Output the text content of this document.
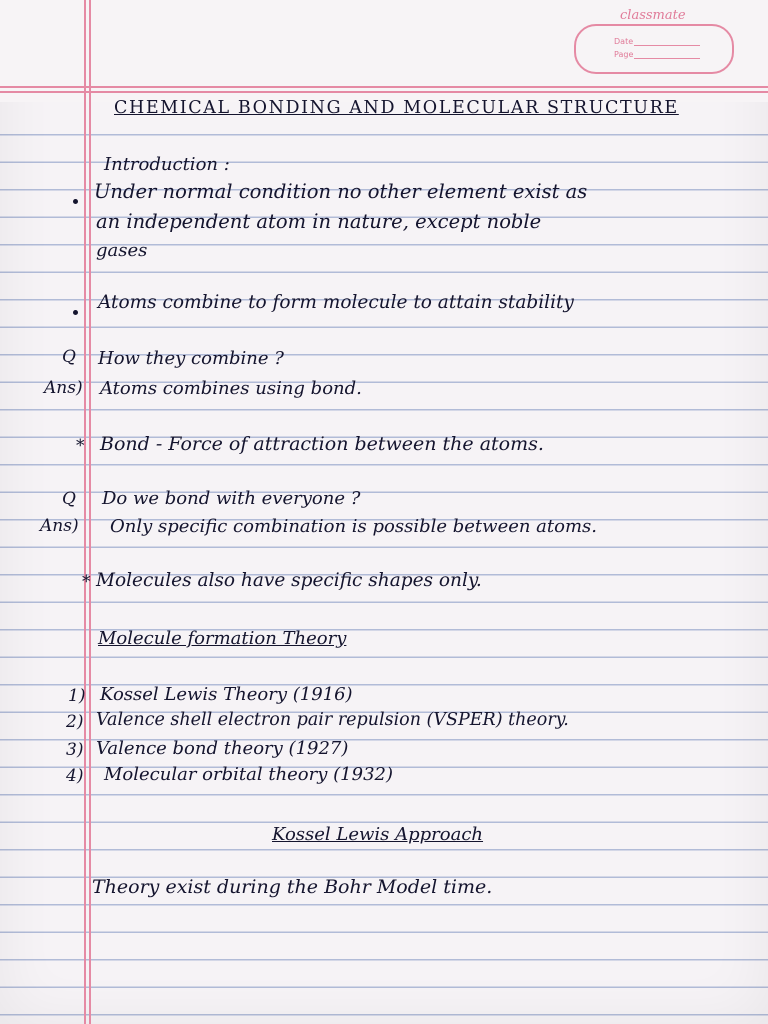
classmate
Date
Page
CHEMICAL BONDING AND MOLECULAR STRUCTURE
Introduction :
Under normal condition no other element exist as
an independent atom in nature, except noble
gases
Atoms combine to form molecule to attain stability
Q How they combine ?
Ans) Atoms combines using bond.
* Bond - Force of attraction between the atoms.
Q Do we bond with everyone ?
Ans) Only specific combination is possible between atoms.
* Molecules also have specific shapes only.
Molecule formation Theory
1) Kossel Lewis Theory (1916)
2) Valence shell electron pair repulsion (VSPER) theory.
3) Valence bond theory (1927)
4) Molecular orbital theory (1932)
Kossel Lewis Approach
Theory exist during the Bohr Model time.
